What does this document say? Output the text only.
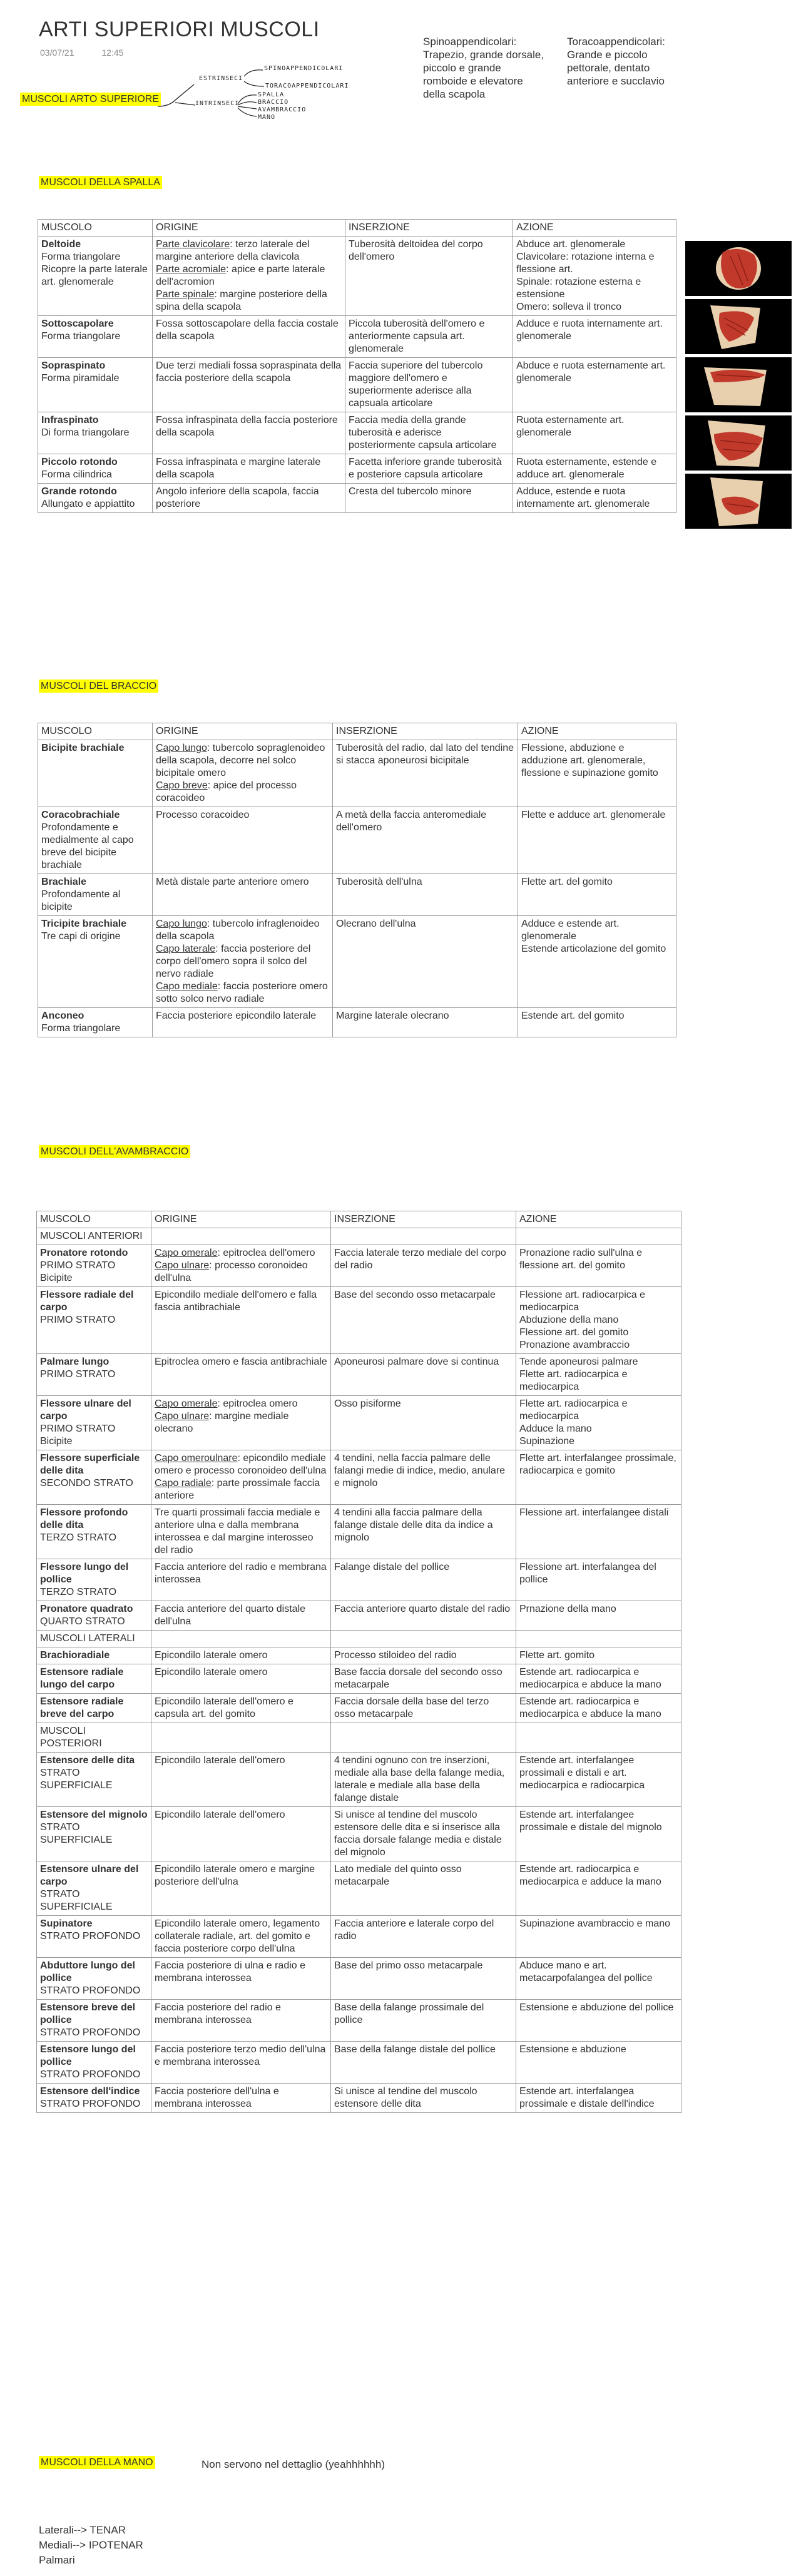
ARTI SUPERIORI MUSCOLI
03/07/21	12:45
MUSCOLI ARTO SUPERIORE
ESTRINSECI
INTRINSECI
SPINOAPPENDICOLARI
TORACOAPPENDICOLARI
SPALLA
BRACCIO
AVAMBRACCIO
MANO
Spinoappendicolari: Trapezio, grande dorsale, piccolo e grande romboide e elevatore della scapola
Toracoappendicolari: Grande e piccolo pettorale, dentato anteriore e succlavio
MUSCOLI DELLA SPALLA
MUSCOLO	ORIGINE	INSERZIONE	AZIONE
Deltoide
Forma triangolare
Ricopre la parte laterale art. glenomerale	Parte clavicolare: terzo laterale del margine anteriore della clavicola
Parte acromiale: apice e parte laterale dell'acromion
Parte spinale: margine posteriore della spina della scapola	Tuberosità deltoidea del corpo dell'omero	Abduce art. glenomerale
Clavicolare: rotazione interna e flessione art.
Spinale: rotazione esterna e estensione
Omero: solleva il tronco
Sottoscapolare
Forma triangolare	Fossa sottoscapolare della faccia costale della scapola	Piccola tuberosità dell'omero e anteriormente capsula art. glenomerale	Adduce e ruota internamente art. glenomerale
Sopraspinato
Forma piramidale	Due terzi mediali fossa sopraspinata della faccia posteriore della scapola	Faccia superiore del tubercolo maggiore dell'omero e superiormente aderisce alla capsuala articolare	Abduce e ruota esternamente art. glenomerale
Infraspinato
Di forma triangolare	Fossa infraspinata della faccia posteriore della scapola	Faccia media della grande tuberosità e aderisce posteriormente capsula articolare	Ruota esternamente art. glenomerale
Piccolo rotondo
Forma cilindrica	Fossa infraspinata e margine laterale della scapola	Facetta inferiore grande tuberosità e posteriore capsula articolare	Ruota esternamente, estende e adduce art. glenomerale
Grande rotondo
Allungato e appiattito	Angolo inferiore della scapola, faccia posteriore	Cresta del tubercolo minore	Adduce, estende e ruota internamente art. glenomerale
MUSCOLI DEL BRACCIO
MUSCOLO	ORIGINE	INSERZIONE	AZIONE
Bicipite brachiale	Capo lungo: tubercolo sopraglenoideo della scapola, decorre nel solco bicipitale omero
Capo breve: apice del processo coracoideo	Tuberosità del radio, dal lato del tendine si stacca aponeurosi bicipitale	Flessione, abduzione e adduzione art. glenomerale, flessione e supinazione gomito
Coracobrachiale
Profondamente e medialmente al capo breve del bicipite brachiale	Processo coracoideo	A metà della faccia anteromediale dell'omero	Flette e adduce art. glenomerale
Brachiale
Profondamente al bicipite	Metà distale parte anteriore omero	Tuberosità dell'ulna	Flette art. del gomito
Tricipite brachiale
Tre capi di origine	Capo lungo: tubercolo infraglenoideo della scapola
Capo laterale: faccia posteriore del corpo dell'omero sopra il solco del nervo radiale
Capo mediale: faccia posteriore omero sotto solco nervo radiale	Olecrano dell'ulna	Adduce e estende art. glenomerale
Estende articolazione del gomito
Anconeo
Forma triangolare	Faccia posteriore epicondilo laterale	Margine laterale olecrano	Estende art. del gomito
MUSCOLI DELL'AVAMBRACCIO
MUSCOLO	ORIGINE	INSERZIONE	AZIONE
MUSCOLI ANTERIORI			
Pronatore rotondo
PRIMO STRATO
Bicipite	Capo omerale: epitroclea dell'omero
Capo ulnare: processo coronoideo dell'ulna	Faccia laterale terzo mediale del corpo del radio	Pronazione radio sull'ulna e flessione art. del gomito
Flessore radiale del carpo
PRIMO STRATO	Epicondilo mediale dell'omero e falla fascia antibrachiale	Base del secondo osso metacarpale	Flessione art. radiocarpica e mediocarpica
Abduzione della mano
Flessione art. del gomito
Pronazione avambraccio
Palmare lungo
PRIMO STRATO	Epitroclea omero e fascia antibrachiale	Aponeurosi palmare dove si continua	Tende aponeurosi palmare
Flette art. radiocarpica e mediocarpica
Flessore ulnare del carpo
PRIMO STRATO
Bicipite	Capo omerale: epitroclea omero
Capo ulnare: margine mediale olecrano	Osso pisiforme	Flette art. radiocarpica e mediocarpica
Adduce la mano
Supinazione
Flessore superficiale delle dita
SECONDO STRATO	Capo omeroulnare: epicondilo mediale omero e processo coronoideo dell'ulna
Capo radiale: parte prossimale faccia anteriore	4 tendini, nella faccia palmare delle falangi medie di indice, medio, anulare e mignolo	Flette art. interfalangee prossimale, radiocarpica e gomito
Flessore profondo delle dita
TERZO STRATO	Tre quarti prossimali faccia mediale e anteriore ulna e dalla membrana interossea e dal margine interosseo del radio	4 tendini alla faccia palmare della falange distale delle dita da indice a mignolo	Flessione art. interfalangee distali
Flessore lungo del pollice
TERZO STRATO	Faccia anteriore del radio e membrana interossea	Falange distale del pollice	Flessione art. interfalangea del pollice
Pronatore quadrato
QUARTO STRATO	Faccia anteriore del quarto distale dell'ulna	Faccia anteriore quarto distale del radio	Prnazione della mano
MUSCOLI LATERALI			
Brachioradiale	Epicondilo laterale omero	Processo stiloideo del radio	Flette art. gomito
Estensore radiale lungo del carpo	Epicondilo laterale omero	Base faccia dorsale del secondo osso metacarpale	Estende art. radiocarpica e mediocarpica e abduce la mano
Estensore radiale breve del carpo	Epicondilo laterale dell'omero e capsula art. del gomito	Faccia dorsale della base del terzo osso metacarpale	Estende art. radiocarpica e mediocarpica e abduce la mano
MUSCOLI POSTERIORI			
Estensore delle dita
STRATO SUPERFICIALE	Epicondilo laterale dell'omero	4 tendini ognuno con tre inserzioni, mediale alla base della falange media, laterale e mediale alla base della falange distale	Estende art. interfalangee prossimali e distali e art. mediocarpica e radiocarpica
Estensore del mignolo
STRATO SUPERFICIALE	Epicondilo laterale dell'omero	Si unisce al tendine del muscolo estensore delle dita e si inserisce alla faccia dorsale falange media e distale del mignolo	Estende art. interfalangee prossimale e distale del mignolo
Estensore ulnare del carpo
STRATO SUPERFICIALE	Epicondilo laterale omero e margine posteriore dell'ulna	Lato mediale del quinto osso metacarpale	Estende art. radiocarpica e mediocarpica e adduce la mano
Supinatore
STRATO PROFONDO	Epicondilo laterale omero, legamento collaterale radiale, art. del gomito e faccia posteriore corpo dell'ulna	Faccia anteriore e laterale corpo del radio	Supinazione avambraccio e mano
Abduttore lungo del pollice
STRATO PROFONDO	Faccia posteriore di ulna e radio e membrana interossea	Base del primo osso metacarpale	Abduce mano e art. metacarpofalangea del pollice
Estensore breve del pollice
STRATO PROFONDO	Faccia posteriore del radio e membrana interossea	Base della falange prossimale del pollice	Estensione e abduzione del pollice
Estensore lungo del pollice
STRATO PROFONDO	Faccia posteriore terzo medio dell'ulna e membrana interossea	Base della falange distale del pollice	Estensione e abduzione
Estensore dell'indice
STRATO PROFONDO	Faccia posteriore dell'ulna e membrana interossea	Si unisce al tendine del muscolo estensore delle dita	Estende art. interfalangea prossimale e distale dell'indice
MUSCOLI DELLA MANO	Non servono nel dettaglio (yeahhhhhh)
Laterali--> TENAR
Mediali--> IPOTENAR
Palmari
